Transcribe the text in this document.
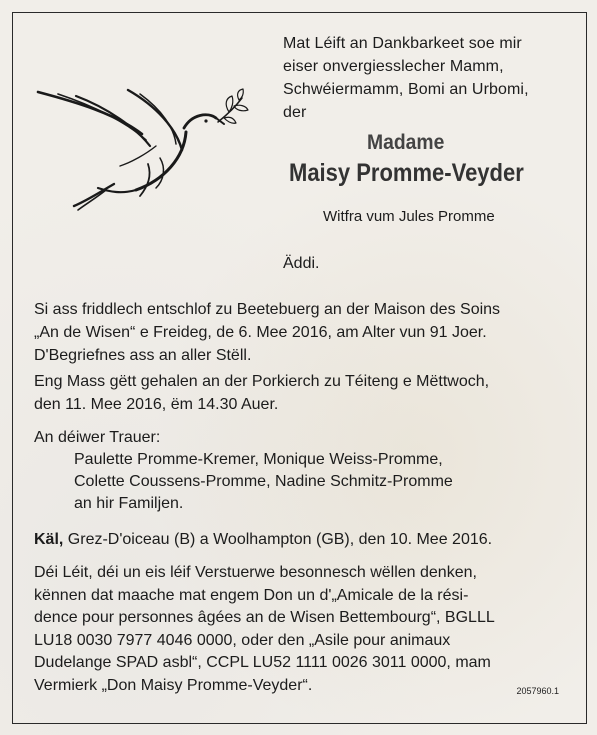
Mat Léift an Dankbarkeet soe mir
eiser onvergiesslecher Mamm,
Schwéiermamm, Bomi an Urbomi,
der
Madame
Maisy Promme-Veyder
Witfra vum Jules Promme
Äddi.
Si ass friddlech entschlof zu Beetebuerg an der Maison des Soins
„An de Wisen“ e Freideg, de 6. Mee 2016, am Alter vun 91 Joer.
D'Begriefnes ass an aller Stëll.
Eng Mass gëtt gehalen an der Porkierch zu Téiteng e Mëttwoch,
den 11. Mee 2016, ëm 14.30 Auer.
An déiwer Trauer:
Paulette Promme-Kremer, Monique Weiss-Promme,
Colette Coussens-Promme, Nadine Schmitz-Promme
an hir Familjen.
Käl, Grez-D'oiceau (B) a Woolhampton (GB), den 10. Mee 2016.
Déi Léit, déi un eis léif Verstuerwe besonnesch wëllen denken,
kënnen dat maache mat engem Don un d'„Amicale de la rési-
dence pour personnes âgées an de Wisen Bettembourg“, BGLLL
LU18 0030 7977 4046 0000, oder den „Asile pour animaux
Dudelange SPAD asbl“, CCPL LU52 1111 0026 3011 0000, mam
Vermierk „Don Maisy Promme-Veyder“.	2057960.1
